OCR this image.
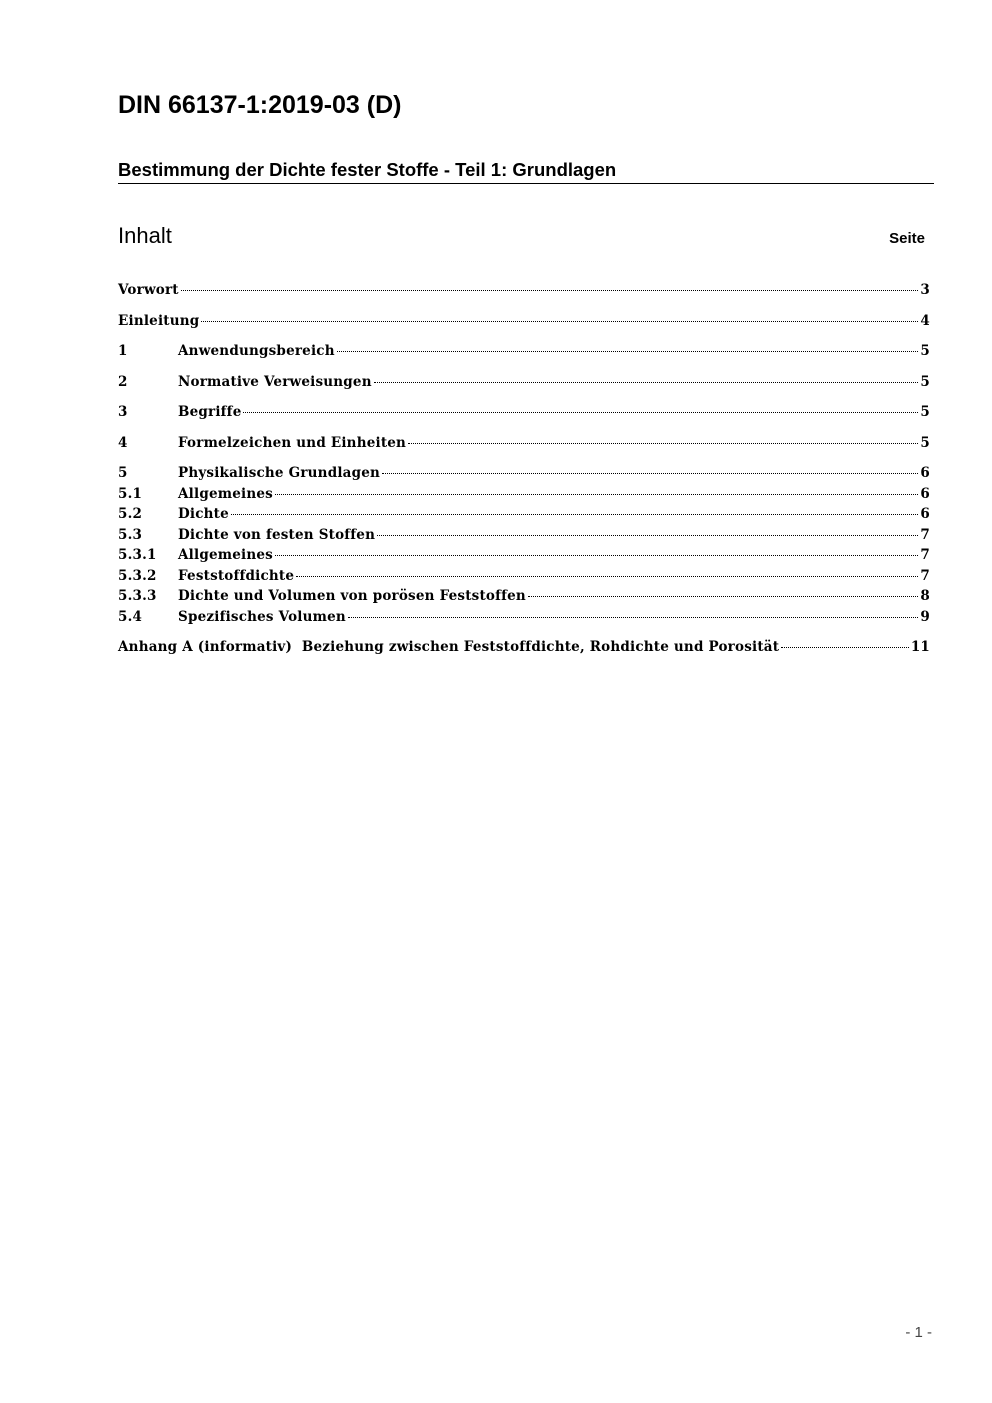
DIN 66137-1:2019-03 (D)
Bestimmung der Dichte fester Stoffe - Teil 1: Grundlagen
Inhalt	Seite
Vorwort	3
Einleitung	4
1	Anwendungsbereich	5
2	Normative Verweisungen	5
3	Begriffe	5
4	Formelzeichen und Einheiten	5
5	Physikalische Grundlagen	6
5.1	Allgemeines	6
5.2	Dichte	6
5.3	Dichte von festen Stoffen	7
5.3.1	Allgemeines	7
5.3.2	Feststoffdichte	7
5.3.3	Dichte und Volumen von porösen Feststoffen	8
5.4	Spezifisches Volumen	9
Anhang A (informativ)  Beziehung zwischen Feststoffdichte, Rohdichte und Porosität	11
- 1 -
